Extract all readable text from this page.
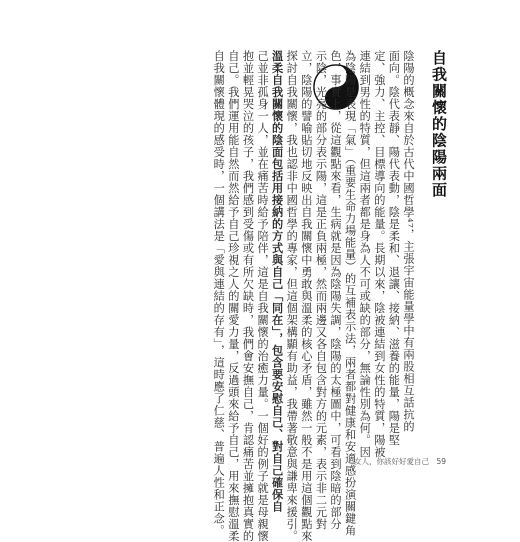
自我關懷的陰陽兩面
陰陽的概念來自於古代中國哲學⁴⁷，主張宇宙能量學中有兩股相互話抗的
面向。陰代表靜、陽代表動，陰是柔和、退讓、接納、滋養的能量，陽是堅
定、強力、主控、目標導向的能量。長期以來，陰被連結到女性的特質，陽被
連結到男性的特質，但這兩者都是身為人不可或缺的部分，無論性別為何。因
為陰陽是表現「氣」（重要生命力場能量）的互補表示法，兩者都對健康和安適感扮演關鍵角
色，事實上，從這觀點來看，生病就是因為陰陽失調，陰陽的太極圖中，可看到陰暗的部分
示陰，光亮的部分表示陽，這是正負兩極，然而兩邊又各自包含對方的元素，表示非二元對
立，陰陽的譬喻貼切地反映出自我關懷中勇敢與溫柔的核心矛盾，雖然一般不是用這個觀點來
探討自我關懷，我也認非中國哲學的專家，但這個架構顯有助益，我帶著敬意與謙卑來援引。
溫柔自我關懷的陰面包括用接納的方式與自己「同在」，包含要安慰自己、對自己確保自
己並非孤身一人，並在痛苦時給予陪伴，這是自我關懷的治癒力量。一個好的例子就是母親懷
抱並輕晃哭泣的孩子，我們感到受傷或有所欠缺時，我們會安撫自己，肯認痛苦並擁抱真實的
自己。我們運用能自然而然給予自己珍視之人的關愛力量，反過頭來給予自己，用來撫慰溫柔
自我關懷體現的感受時，一個講法是「愛與連結的存有」，這時應了仁慈、普遍人性和正念。	女人，你該好好愛自己　59
